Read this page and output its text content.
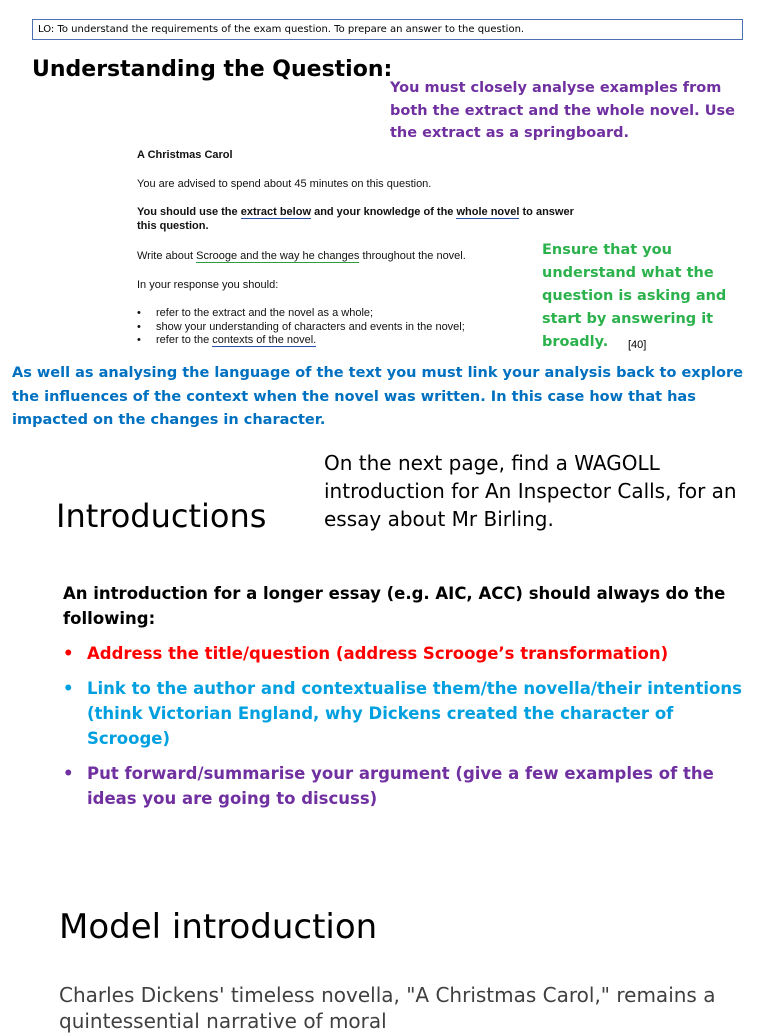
LO: To understand the requirements of the exam question. To prepare an answer to the question.
Understanding the Question:
You must closely analyse examples from both the extract and the whole novel. Use the extract as a springboard.
A Christmas Carol
You are advised to spend about 45 minutes on this question.
You should use the extract below and your knowledge of the whole novel to answer
this question.
Write about Scrooge and the way he changes throughout the novel.
In your response you should:
• refer to the extract and the novel as a whole;
• show your understanding of characters and events in the novel;
• refer to the contexts of the novel.
Ensure that you understand what the question is asking and start by answering it broadly.	[40]
As well as analysing the language of the text you must link your analysis back to explore the influences of the context when the novel was written. In this case how that has impacted on the changes in character.
Introductions
On the next page, find a WAGOLL introduction for An Inspector Calls, for an essay about Mr Birling.
An introduction for a longer essay (e.g. AIC, ACC) should always do the following:
• Address the title/question (address Scrooge’s transformation)
• Link to the author and contextualise them/the novella/their intentions (think Victorian England, why Dickens created the character of Scrooge)
• Put forward/summarise your argument (give a few examples of the ideas you are going to discuss)
Model introduction
Charles Dickens' timeless novella, "A Christmas Carol," remains a quintessential narrative of moral
